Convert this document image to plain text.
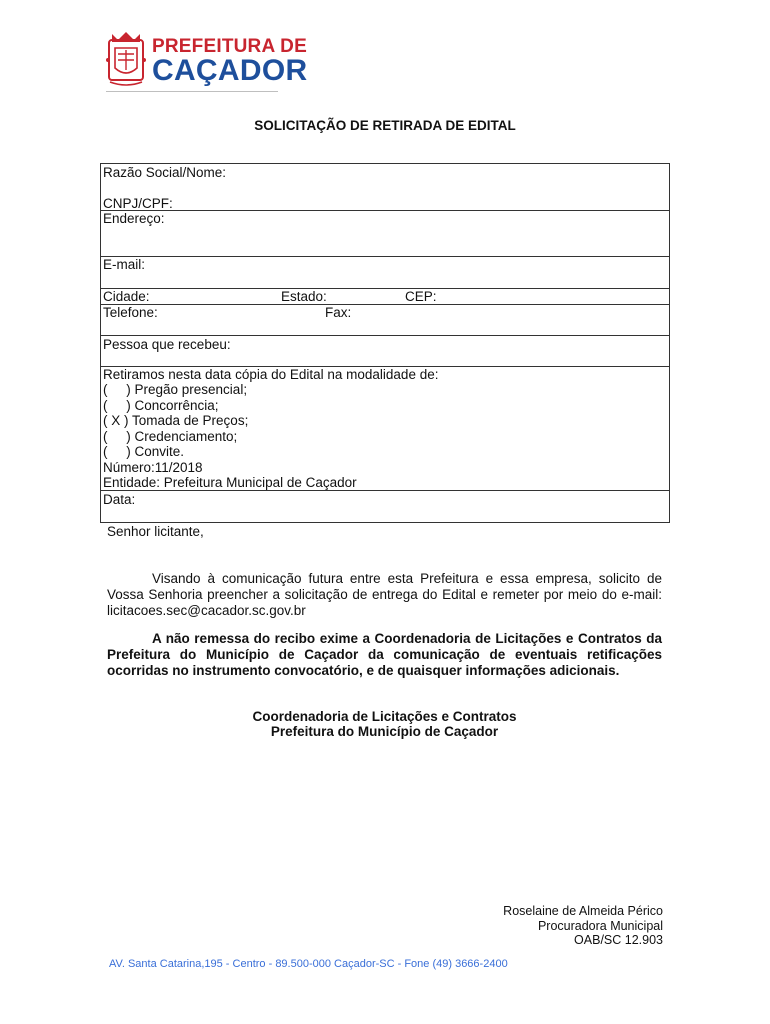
PREFEITURA DE
CAÇADOR
SOLICITAÇÃO DE RETIRADA DE EDITAL
Razão Social/Nome:
CNPJ/CPF:
Endereço:
E-mail:
Cidade:	Estado:	CEP:
Telefone:	Fax:
Pessoa que recebeu:
Retiramos nesta data cópia do Edital na modalidade de:
(     ) Pregão presencial;
(     ) Concorrência;
( X ) Tomada de Preços;
(     ) Credenciamento;
(     ) Convite.
Número:11/2018
Entidade: Prefeitura Municipal de Caçador
Data:
Senhor licitante,
Visando à comunicação futura entre esta Prefeitura e essa empresa, solicito de Vossa Senhoria preencher a solicitação de entrega do Edital e remeter por meio do e-mail: licitacoes.sec@cacador.sc.gov.br
A não remessa do recibo exime a Coordenadoria de Licitações e Contratos da Prefeitura do Município de Caçador da comunicação de eventuais retificações ocorridas no instrumento convocatório, e de quaisquer informações adicionais.
Coordenadoria de Licitações e Contratos
Prefeitura do Município de Caçador
Roselaine de Almeida Périco
Procuradora Municipal
OAB/SC 12.903
AV. Santa Catarina,195 - Centro - 89.500-000 Caçador-SC - Fone (49) 3666-2400
